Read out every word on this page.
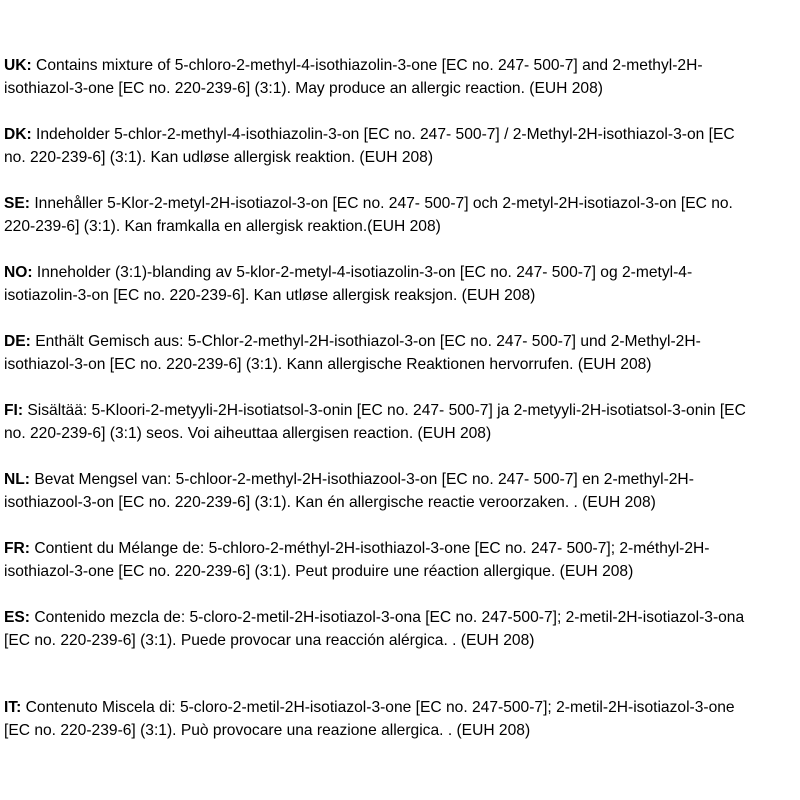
UK: Contains mixture of 5-chloro-2-methyl-4-isothiazolin-3-one [EC no. 247- 500-7] and 2-methyl-2H-
isothiazol-3-one [EC no. 220-239-6] (3:1). May produce an allergic reaction. (EUH 208)
DK: Indeholder 5-chlor-2-methyl-4-isothiazolin-3-on [EC no. 247- 500-7] / 2-Methyl-2H-isothiazol-3-on [EC
no. 220-239-6] (3:1). Kan udløse allergisk reaktion. (EUH 208)
SE: Innehåller 5-Klor-2-metyl-2H-isotiazol-3-on [EC no. 247- 500-7] och 2-metyl-2H-isotiazol-3-on [EC no.
220-239-6] (3:1). Kan framkalla en allergisk reaktion.(EUH 208)
NO: Inneholder (3:1)-blanding av 5-klor-2-metyl-4-isotiazolin-3-on [EC no. 247- 500-7] og 2-metyl-4-
isotiazolin-3-on [EC no. 220-239-6]. Kan utløse allergisk reaksjon. (EUH 208)
DE: Enthält Gemisch aus: 5-Chlor-2-methyl-2H-isothiazol-3-on [EC no. 247- 500-7] und 2-Methyl-2H-
isothiazol-3-on [EC no. 220-239-6] (3:1). Kann allergische Reaktionen hervorrufen. (EUH 208)
FI: Sisältää: 5-Kloori-2-metyyli-2H-isotiatsol-3-onin [EC no. 247- 500-7] ja 2-metyyli-2H-isotiatsol-3-onin [EC
no. 220-239-6] (3:1) seos. Voi aiheuttaa allergisen reaction. (EUH 208)
NL: Bevat Mengsel van: 5-chloor-2-methyl-2H-isothiazool-3-on [EC no. 247- 500-7] en 2-methyl-2H-
isothiazool-3-on [EC no. 220-239-6] (3:1). Kan én allergische reactie veroorzaken. . (EUH 208)
FR: Contient du Mélange de: 5-chloro-2-méthyl-2H-isothiazol-3-one [EC no. 247- 500-7]; 2-méthyl-2H-
isothiazol-3-one [EC no. 220-239-6] (3:1). Peut produire une réaction allergique. (EUH 208)
ES: Contenido mezcla de: 5-cloro-2-metil-2H-isotiazol-3-ona [EC no. 247-500-7]; 2-metil-2H-isotiazol-3-ona
[EC no. 220-239-6] (3:1). Puede provocar una reacción alérgica. . (EUH 208)
IT: Contenuto Miscela di: 5-cloro-2-metil-2H-isotiazol-3-one [EC no. 247-500-7]; 2-metil-2H-isotiazol-3-one
[EC no. 220-239-6] (3:1). Può provocare una reazione allergica. . (EUH 208)
